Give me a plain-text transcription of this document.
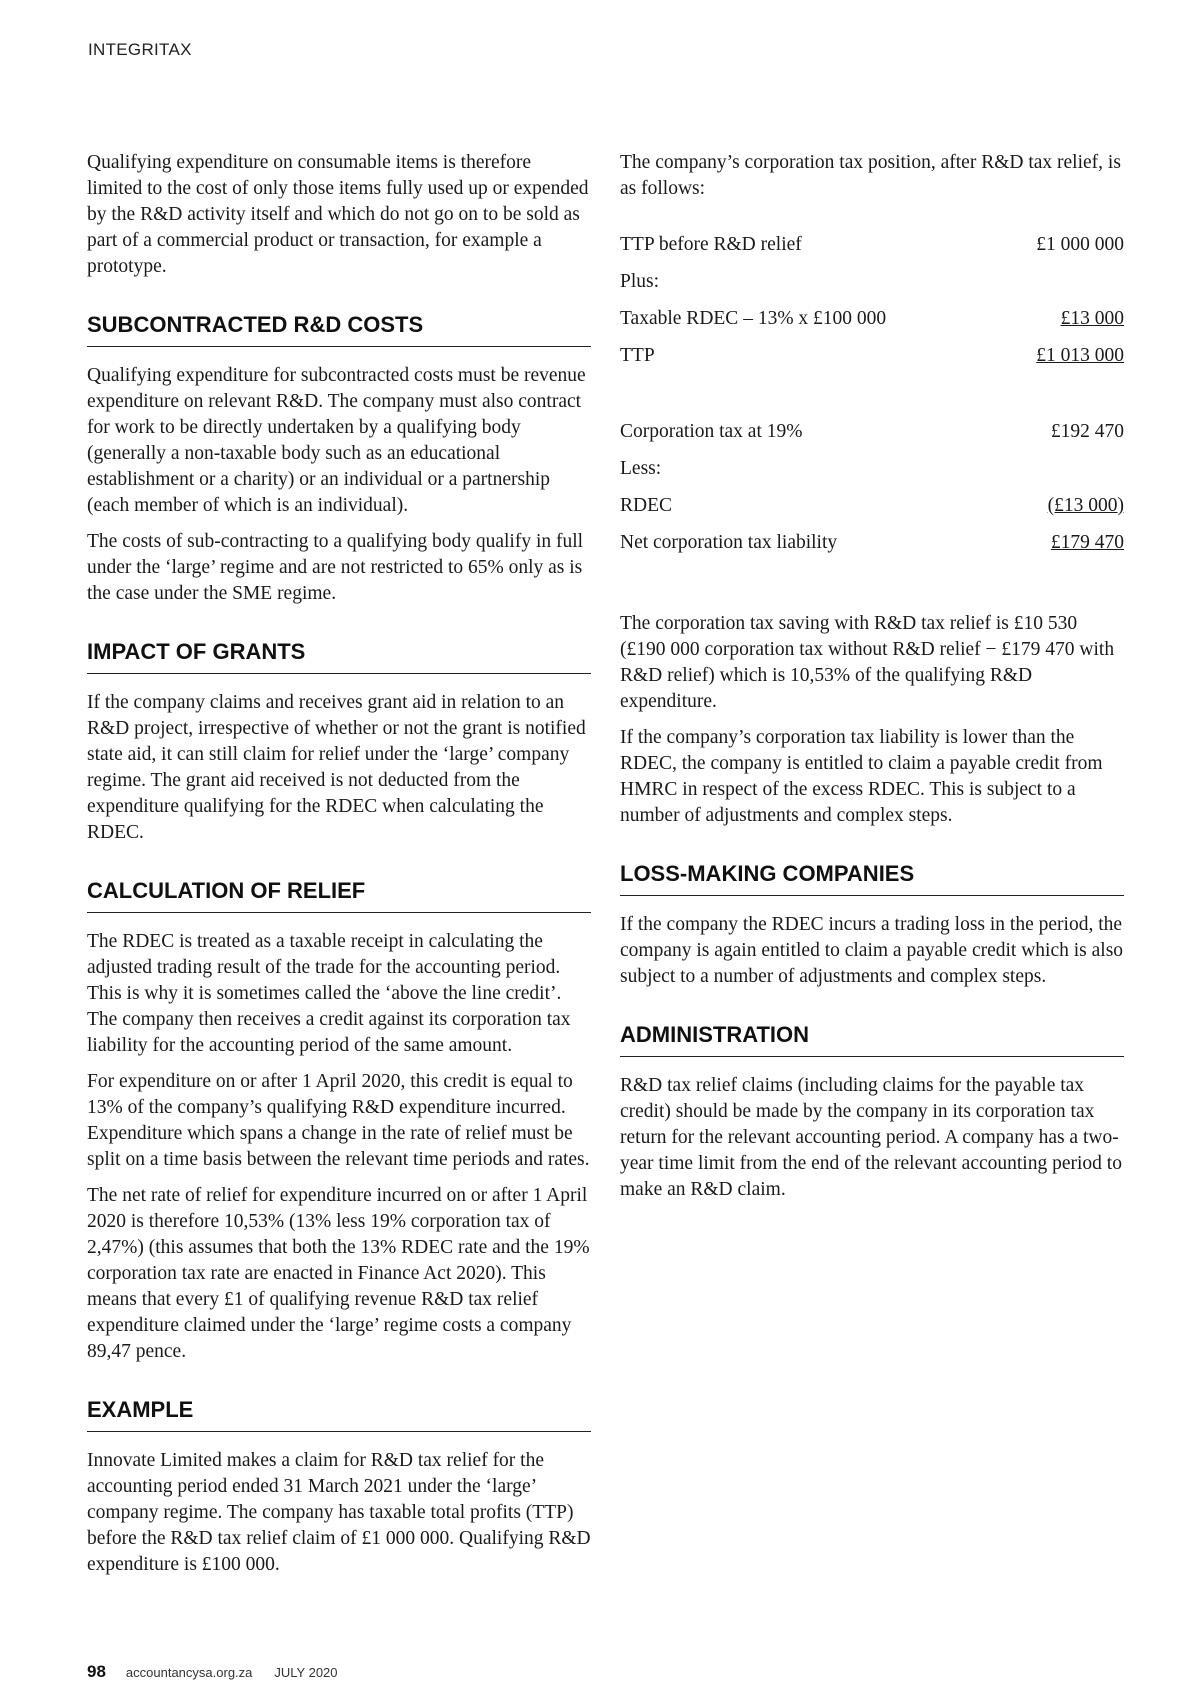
INTEGRITAX

Qualifying expenditure on consumable items is therefore limited to the cost of only those items fully used up or expended by the R&D activity itself and which do not go on to be sold as part of a commercial product or transaction, for example a prototype.

SUBCONTRACTED R&D COSTS

Qualifying expenditure for subcontracted costs must be revenue expenditure on relevant R&D. The company must also contract for work to be directly undertaken by a qualifying body (generally a non-taxable body such as an educational establishment or a charity) or an individual or a partnership (each member of which is an individual).

The costs of sub-contracting to a qualifying body qualify in full under the ‘large’ regime and are not restricted to 65% only as is the case under the SME regime.

IMPACT OF GRANTS

If the company claims and receives grant aid in relation to an R&D project, irrespective of whether or not the grant is notified state aid, it can still claim for relief under the ‘large’ company regime. The grant aid received is not deducted from the expenditure qualifying for the RDEC when calculating the RDEC.

CALCULATION OF RELIEF

The RDEC is treated as a taxable receipt in calculating the adjusted trading result of the trade for the accounting period. This is why it is sometimes called the ‘above the line credit’. The company then receives a credit against its corporation tax liability for the accounting period of the same amount.

For expenditure on or after 1 April 2020, this credit is equal to 13% of the company’s qualifying R&D expenditure incurred. Expenditure which spans a change in the rate of relief must be split on a time basis between the relevant time periods and rates.

The net rate of relief for expenditure incurred on or after 1 April 2020 is therefore 10,53% (13% less 19% corporation tax of 2,47%) (this assumes that both the 13% RDEC rate and the 19% corporation tax rate are enacted in Finance Act 2020). This means that every £1 of qualifying revenue R&D tax relief expenditure claimed under the ‘large’ regime costs a company 89,47 pence.

EXAMPLE

Innovate Limited makes a claim for R&D tax relief for the accounting period ended 31 March 2021 under the ‘large’ company regime. The company has taxable total profits (TTP) before the R&D tax relief claim of £1 000 000. Qualifying R&D expenditure is £100 000.

The company’s corporation tax position, after R&D tax relief, is as follows:

TTP before R&D relief	£1 000 000
Plus:
Taxable RDEC – 13% x £100 000	£13 000
TTP	£1 013 000
Corporation tax at 19%	£192 470
Less:
RDEC	(£13 000)
Net corporation tax liability	£179 470

The corporation tax saving with R&D tax relief is £10 530 (£190 000 corporation tax without R&D relief − £179 470 with R&D relief) which is 10,53% of the qualifying R&D expenditure.

If the company’s corporation tax liability is lower than the RDEC, the company is entitled to claim a payable credit from HMRC in respect of the excess RDEC. This is subject to a number of adjustments and complex steps.

LOSS-MAKING COMPANIES

If the company the RDEC incurs a trading loss in the period, the company is again entitled to claim a payable credit which is also subject to a number of adjustments and complex steps.

ADMINISTRATION

R&D tax relief claims (including claims for the payable tax credit) should be made by the company in its corporation tax return for the relevant accounting period. A company has a two-year time limit from the end of the relevant accounting period to make an R&D claim.

98 accountancysa.org.za JULY 2020
